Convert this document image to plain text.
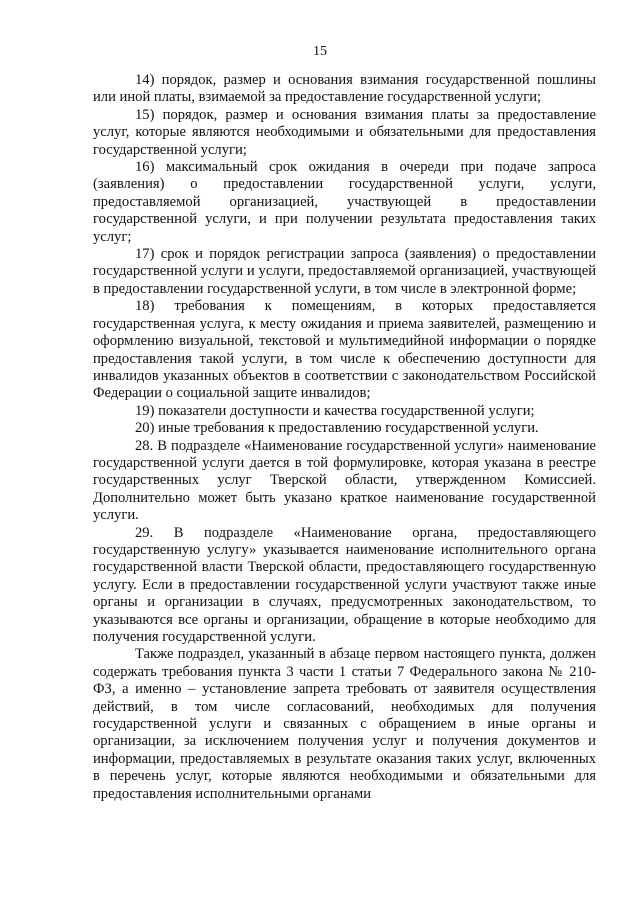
15

14) порядок, размер и основания взимания государственной пошлины или иной платы, взимаемой за предоставление государственной услуги;

15) порядок, размер и основания взимания платы за предоставление услуг, которые являются необходимыми и обязательными для предоставления государственной услуги;

16) максимальный срок ожидания в очереди при подаче запроса (заявления) о предоставлении государственной услуги, услуги, предоставляемой организацией, участвующей в предоставлении государственной услуги, и при получении результата предоставления таких услуг;

17) срок и порядок регистрации запроса (заявления) о предоставлении государственной услуги и услуги, предоставляемой организацией, участвующей в предоставлении государственной услуги, в том числе в электронной форме;

18) требования к помещениям, в которых предоставляется государственная услуга, к месту ожидания и приема заявителей, размещению и оформлению визуальной, текстовой и мультимедийной информации о порядке предоставления такой услуги, в том числе к обеспечению доступности для инвалидов указанных объектов в соответствии с законодательством Российской Федерации о социальной защите инвалидов;

19) показатели доступности и качества государственной услуги;

20) иные требования к предоставлению государственной услуги.

28. В подразделе «Наименование государственной услуги» наименование государственной услуги дается в той формулировке, которая указана в реестре государственных услуг Тверской области, утвержденном Комиссией. Дополнительно может быть указано краткое наименование государственной услуги.

29. В подразделе «Наименование органа, предоставляющего государственную услугу» указывается наименование исполнительного органа государственной власти Тверской области, предоставляющего государственную услугу. Если в предоставлении государственной услуги участвуют также иные органы и организации в случаях, предусмотренных законодательством, то указываются все органы и организации, обращение в которые необходимо для получения государственной услуги.

Также подраздел, указанный в абзаце первом настоящего пункта, должен содержать требования пункта 3 части 1 статьи 7 Федерального закона № 210-ФЗ, а именно – установление запрета требовать от заявителя осуществления действий, в том числе согласований, необходимых для получения государственной услуги и связанных с обращением в иные органы и организации, за исключением получения услуг и получения документов и информации, предоставляемых в результате оказания таких услуг, включенных в перечень услуг, которые являются необходимыми и обязательными для предоставления исполнительными органами
